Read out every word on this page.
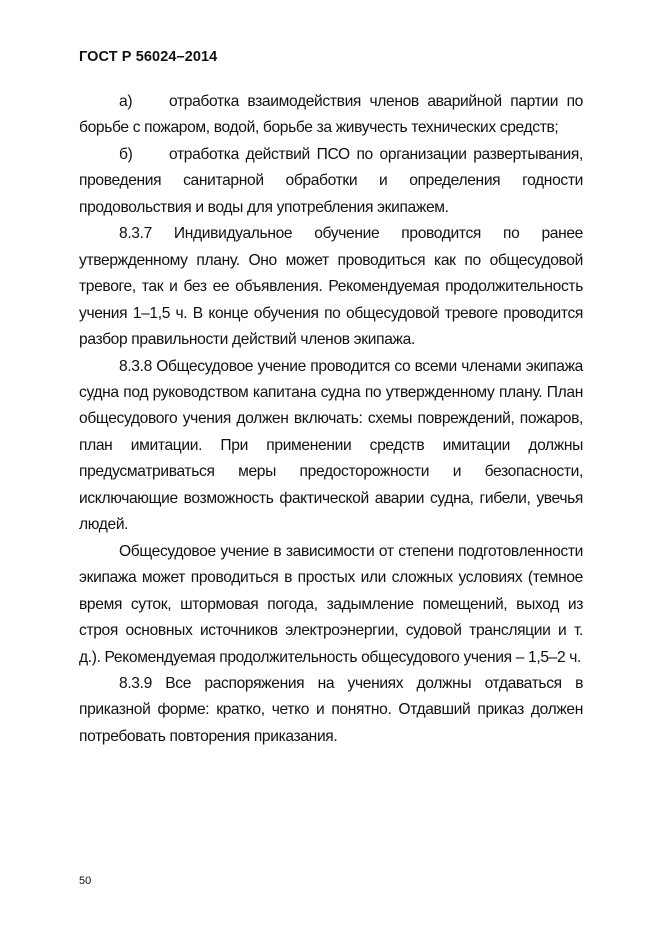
ГОСТ Р 56024–2014

а) отработка взаимодействия членов аварийной партии по борьбе с пожаром, водой, борьбе за живучесть технических средств;

б) отработка действий ПСО по организации развертывания, проведения санитарной обработки и определения годности продовольствия и воды для употребления экипажем.

8.3.7 Индивидуальное обучение проводится по ранее утвержденному плану. Оно может проводиться как по общесудовой тревоге, так и без ее объявления. Рекомендуемая продолжительность учения 1–1,5 ч. В конце обучения по общесудовой тревоге проводится разбор правильности действий членов экипажа.

8.3.8 Общесудовое учение проводится со всеми членами экипажа судна под руководством капитана судна по утвержденному плану. План общесудового учения должен включать: схемы повреждений, пожаров, план имитации. При применении средств имитации должны предусматриваться меры предосторожности и безопасности, исключающие возможность фактической аварии судна, гибели, увечья людей.

Общесудовое учение в зависимости от степени подготовленности экипажа может проводиться в простых или сложных условиях (темное время суток, штормовая погода, задымление помещений, выход из строя основных источников электроэнергии, судовой трансляции и т. д.). Рекомендуемая продолжительность общесудового учения – 1,5–2 ч.

8.3.9 Все распоряжения на учениях должны отдаваться в приказной форме: кратко, четко и понятно. Отдавший приказ должен потребовать повторения приказания.

50
